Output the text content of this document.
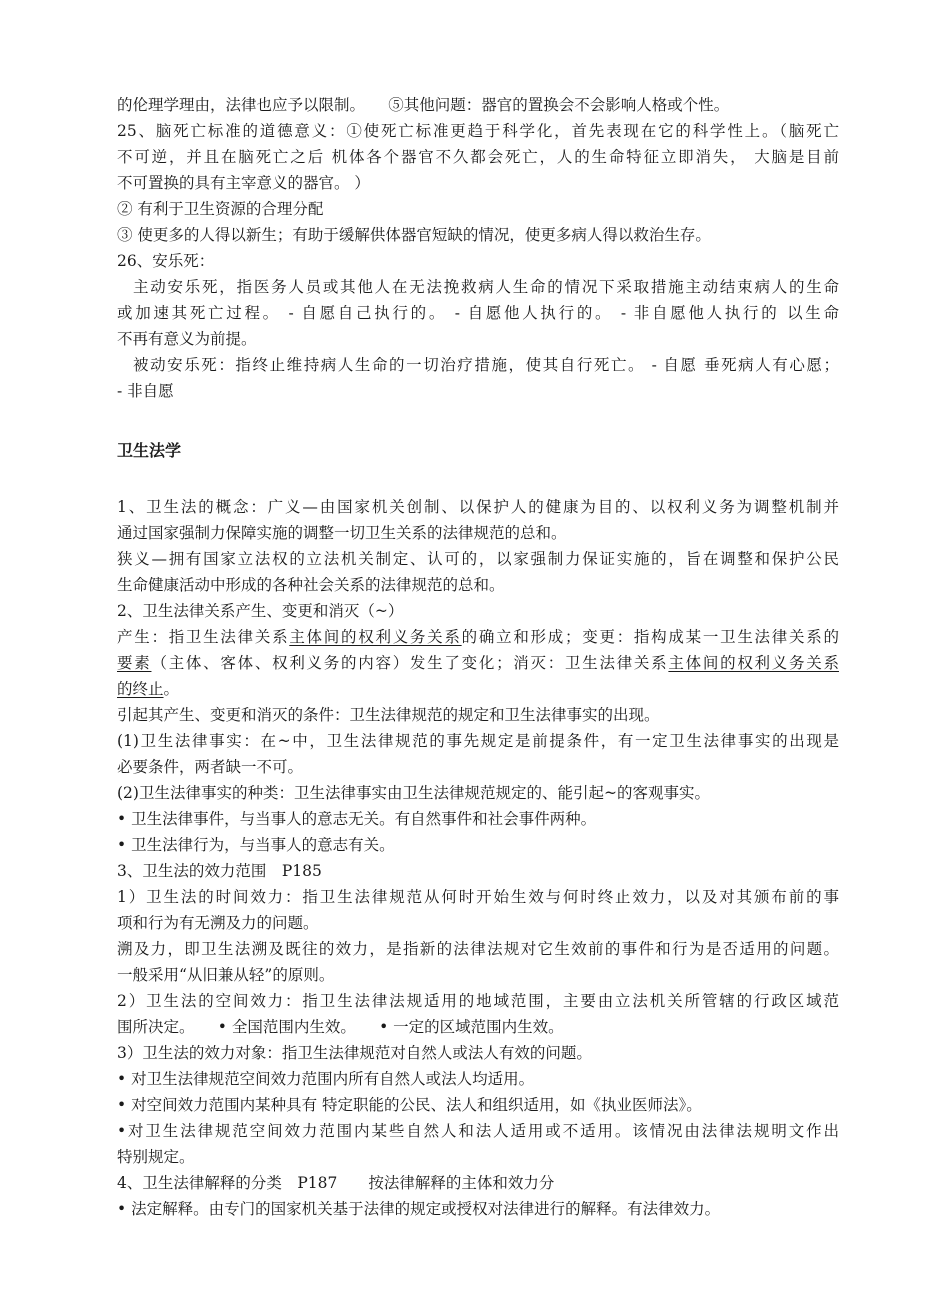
的伦理学理由，法律也应予以限制。　　⑤其他问题：器官的置换会不会影响人格或个性。
25、脑死亡标准的道德意义：①使死亡标准更趋于科学化，首先表现在它的科学性上。（脑死亡
不可逆，并且在脑死亡之后 机体各个器官不久都会死亡，人的生命特征立即消失， 大脑是目前
不可置换的具有主宰意义的器官。 ）
② 有利于卫生资源的合理分配
③ 使更多的人得以新生；有助于缓解供体器官短缺的情况，使更多病人得以救治生存。
26、安乐死：
主动安乐死，指医务人员或其他人在无法挽救病人生命的情况下采取措施主动结束病人的生命
或加速其死亡过程。 - 自愿自己执行的。 - 自愿他人执行的。 - 非自愿他人执行的 以生命
不再有意义为前提。
被动安乐死：指终止维持病人生命的一切治疗措施，使其自行死亡。 - 自愿 垂死病人有心愿；
- 非自愿
卫生法学
1、卫生法的概念：广义—由国家机关创制、以保护人的健康为目的、以权利义务为调整机制并
通过国家强制力保障实施的调整一切卫生关系的法律规范的总和。
狭义—拥有国家立法权的立法机关制定、认可的，以家强制力保证实施的，旨在调整和保护公民
生命健康活动中形成的各种社会关系的法律规范的总和。
2、卫生法律关系产生、变更和消灭（~）
产生：指卫生法律关系主体间的权利义务关系的确立和形成；变更：指构成某一卫生法律关系的
要素（主体、客体、权利义务的内容）发生了变化；消灭：卫生法律关系主体间的权利义务关系
的终止。
引起其产生、变更和消灭的条件：卫生法律规范的规定和卫生法律事实的出现。
(1)卫生法律事实：在~中，卫生法律规范的事先规定是前提条件，有一定卫生法律事实的出现是
必要条件，两者缺一不可。
(2)卫生法律事实的种类：卫生法律事实由卫生法律规范规定的、能引起~的客观事实。
• 卫生法律事件，与当事人的意志无关。有自然事件和社会事件两种。
• 卫生法律行为，与当事人的意志有关。
3、卫生法的效力范围　P185
1）卫生法的时间效力：指卫生法律规范从何时开始生效与何时终止效力，以及对其颁布前的事
项和行为有无溯及力的问题。
溯及力，即卫生法溯及既往的效力，是指新的法律法规对它生效前的事件和行为是否适用的问题。
一般采用“从旧兼从轻”的原则。
2）卫生法的空间效力：指卫生法律法规适用的地域范围，主要由立法机关所管辖的行政区域范
围所决定。　　• 全国范围内生效。　　• 一定的区域范围内生效。
3）卫生法的效力对象：指卫生法律规范对自然人或法人有效的问题。
• 对卫生法律规范空间效力范围内所有自然人或法人均适用。
• 对空间效力范围内某种具有 特定职能的公民、法人和组织适用，如《执业医师法》。
•对卫生法律规范空间效力范围内某些自然人和法人适用或不适用。该情况由法律法规明文作出
特别规定。
4、卫生法律解释的分类　P187　　按法律解释的主体和效力分
• 法定解释。由专门的国家机关基于法律的规定或授权对法律进行的解释。有法律效力。
